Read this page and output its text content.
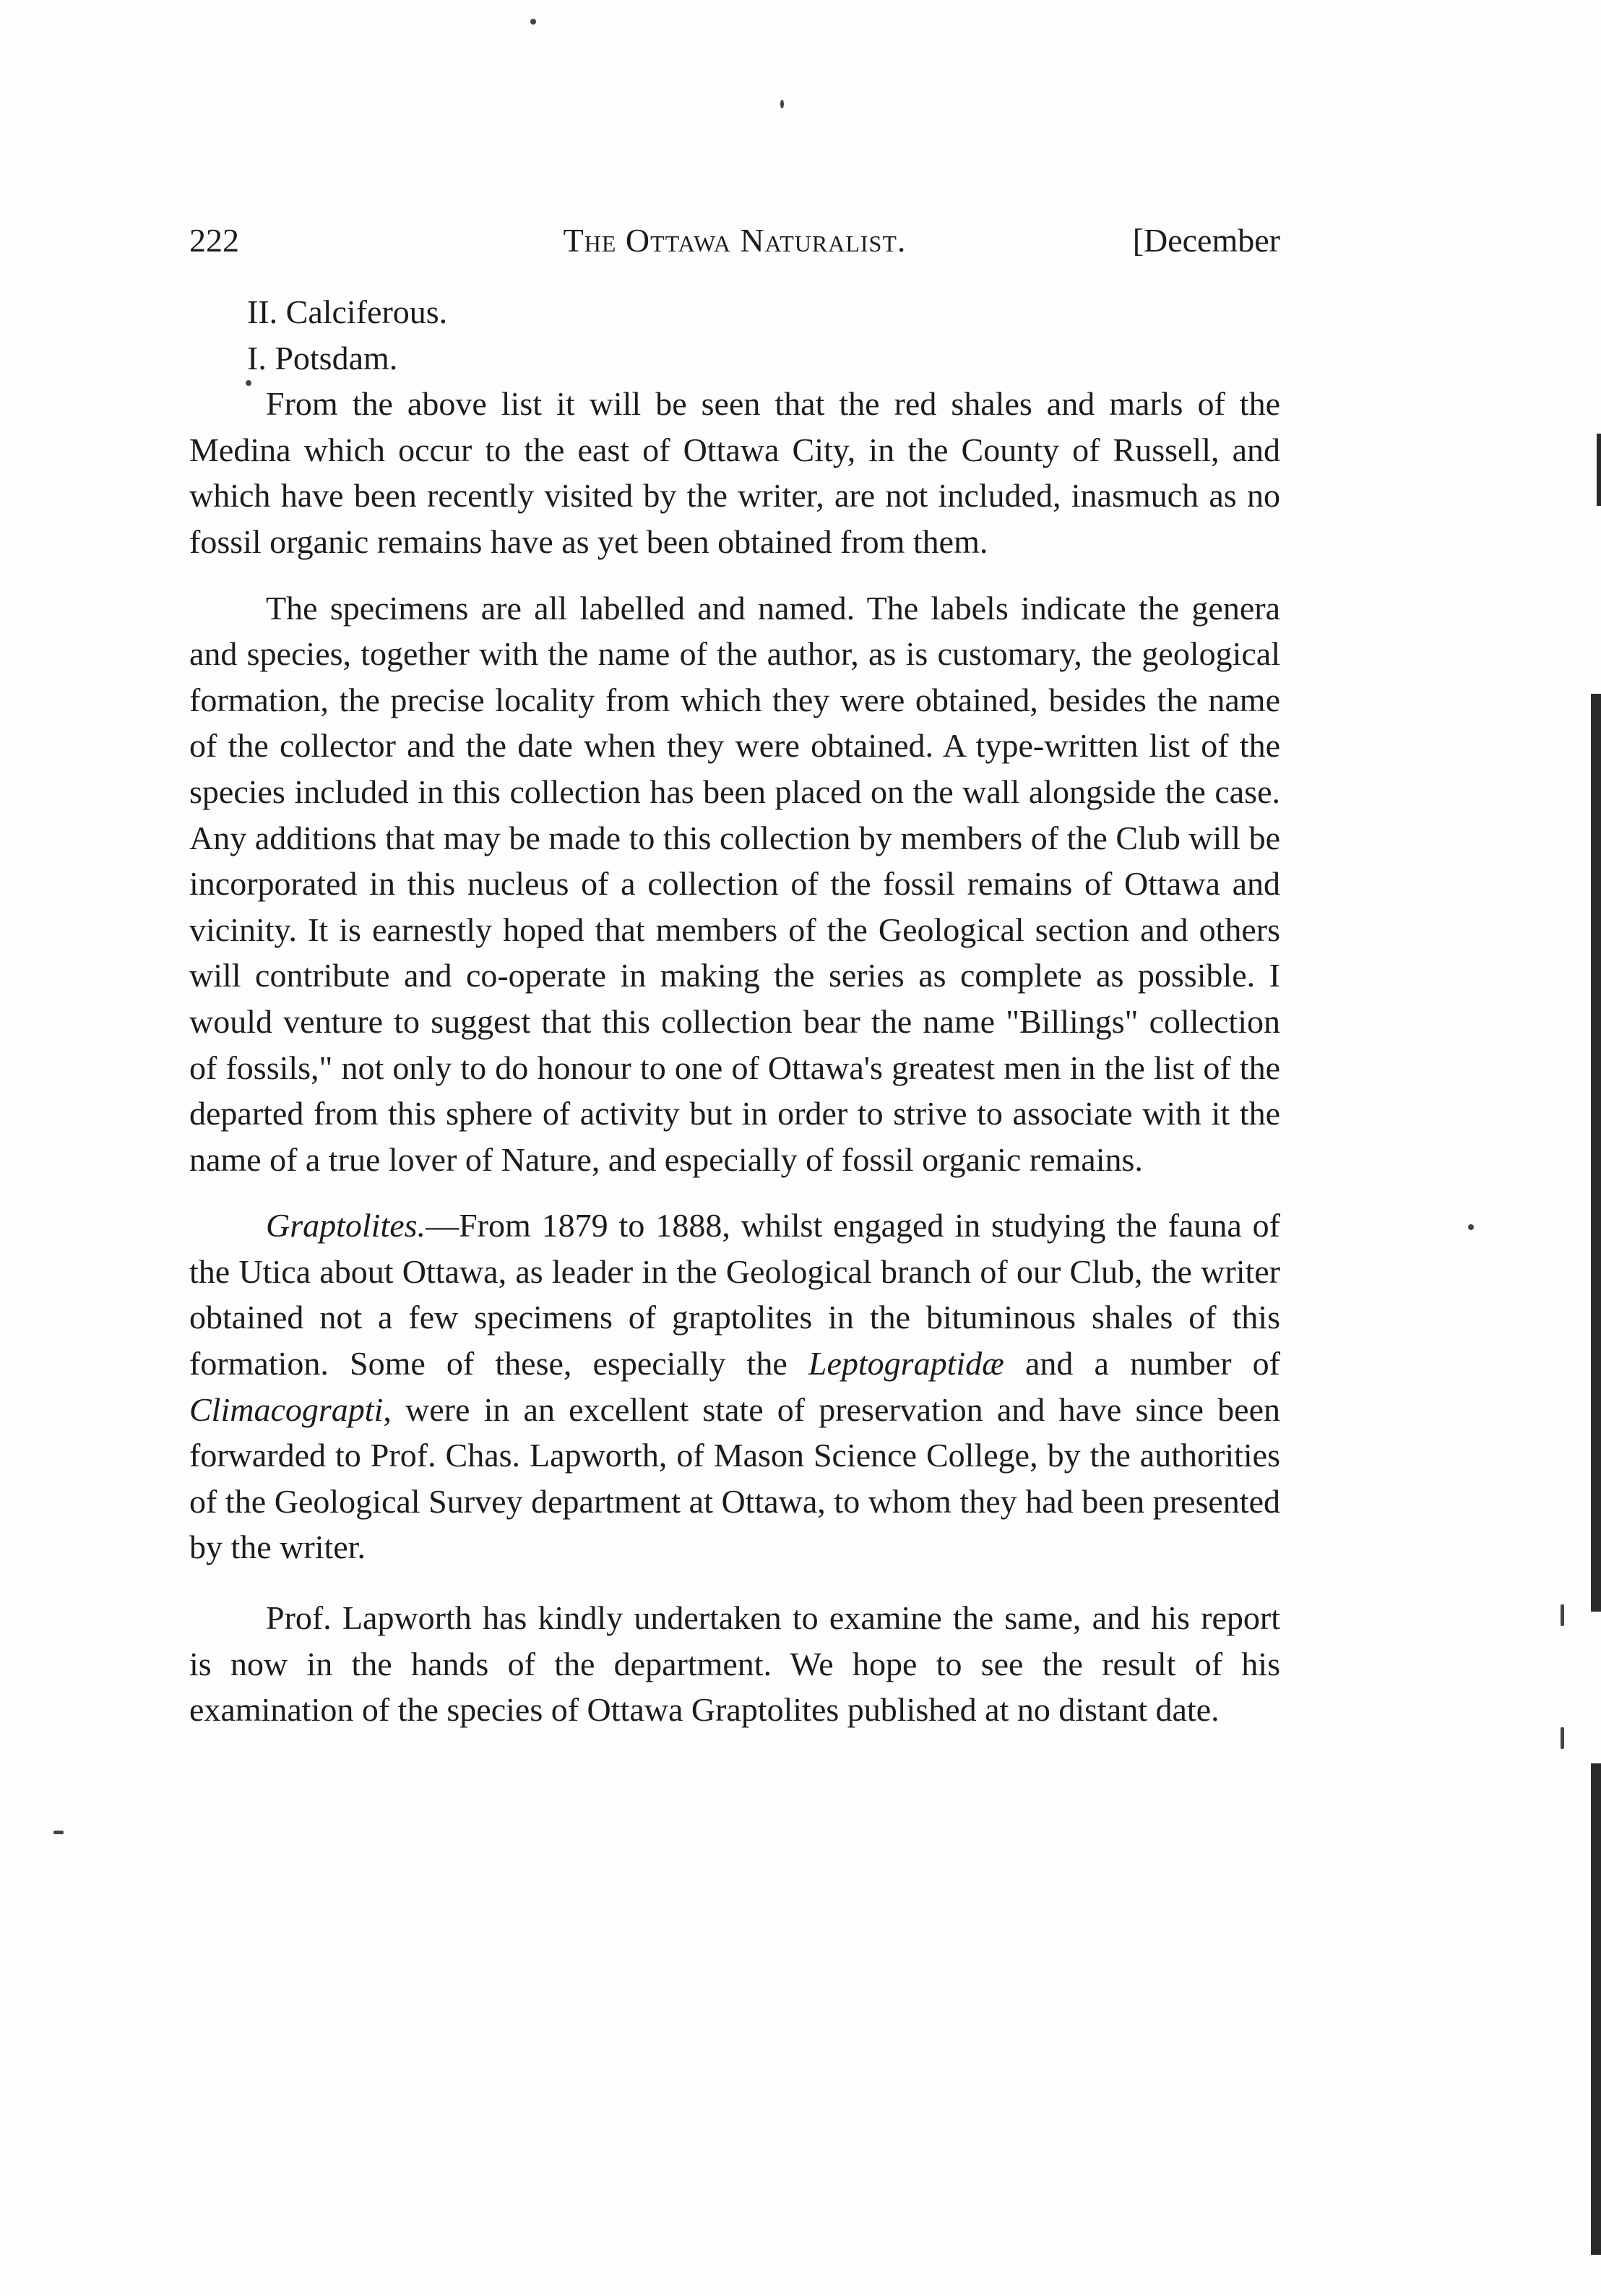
222	The Ottawa Naturalist.	[December

II. Calciferous.

I. Potsdam.

From the above list it will be seen that the red shales and marls of the Medina which occur to the east of Ottawa City, in the County of Russell, and which have been recently visited by the writer, are not included, inasmuch as no fossil organic remains have as yet been obtained from them.

The specimens are all labelled and named. The labels indicate the genera and species, together with the name of the author, as is customary, the geological formation, the precise locality from which they were obtained, besides the name of the collector and the date when they were obtained. A type-written list of the species included in this collection has been placed on the wall alongside the case. Any additions that may be made to this collection by members of the Club will be incorporated in this nucleus of a collection of the fossil remains of Ottawa and vicinity. It is earnestly hoped that members of the Geological section and others will contribute and co-operate in making the series as complete as possible. I would venture to suggest that this collection bear the name "Billings" collection of fossils," not only to do honour to one of Ottawa's greatest men in the list of the departed from this sphere of activity but in order to strive to associate with it the name of a true lover of Nature, and especially of fossil organic remains.

Graptolites.—From 1879 to 1888, whilst engaged in studying the fauna of the Utica about Ottawa, as leader in the Geological branch of our Club, the writer obtained not a few specimens of graptolites in the bituminous shales of this formation. Some of these, especially the Leptograptidæ and a number of Climacograpti, were in an excellent state of preservation and have since been forwarded to Prof. Chas. Lapworth, of Mason Science College, by the authorities of the Geological Survey department at Ottawa, to whom they had been presented by the writer.

Prof. Lapworth has kindly undertaken to examine the same, and his report is now in the hands of the department. We hope to see the result of his examination of the species of Ottawa Graptolites published at no distant date.
